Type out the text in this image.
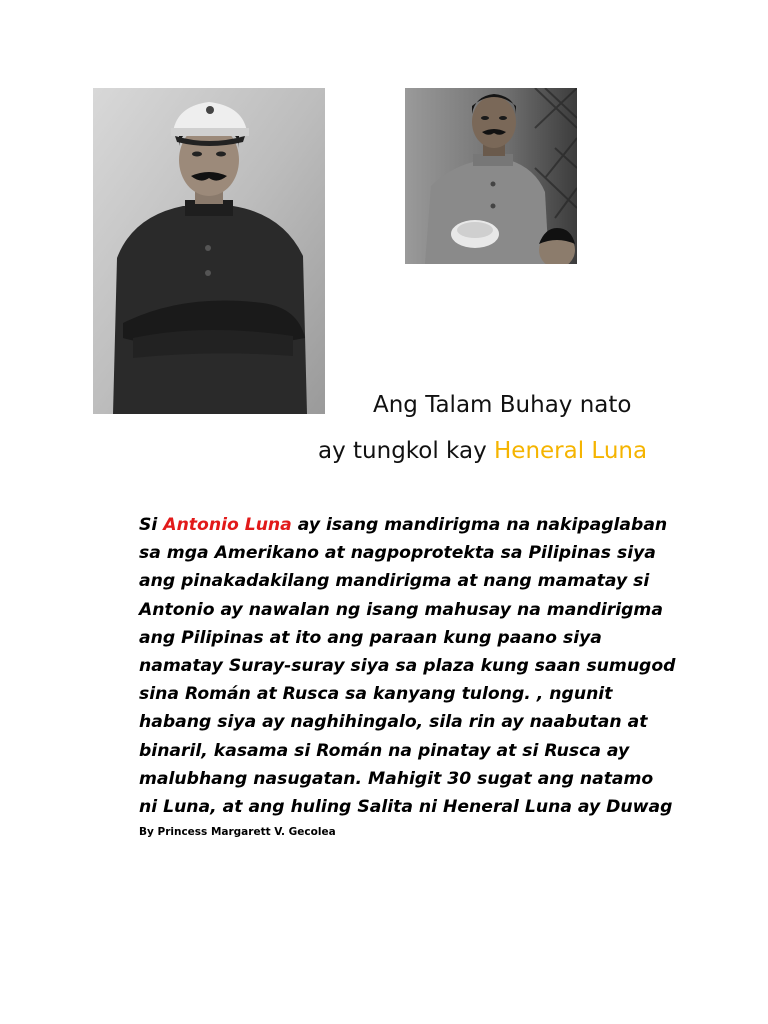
Ang Talam Buhay nato
ay tungkol kay Heneral Luna
Si Antonio Luna ay isang mandirigma na nakipaglaban
sa mga Amerikano at nagpoprotekta sa Pilipinas siya
ang pinakadakilang mandirigma at nang mamatay si
Antonio ay nawalan ng isang mahusay na mandirigma
ang Pilipinas at ito ang paraan kung paano siya
namatay Suray-suray siya sa plaza kung saan sumugod
sina Román at Rusca sa kanyang tulong. , ngunit
habang siya ay naghihingalo, sila rin ay naabutan at
binaril, kasama si Román na pinatay at si Rusca ay
malubhang nasugatan. Mahigit 30 sugat ang natamo
ni Luna, at ang huling Salita ni Heneral Luna ay Duwag
By Princess Margarett V. Gecolea
